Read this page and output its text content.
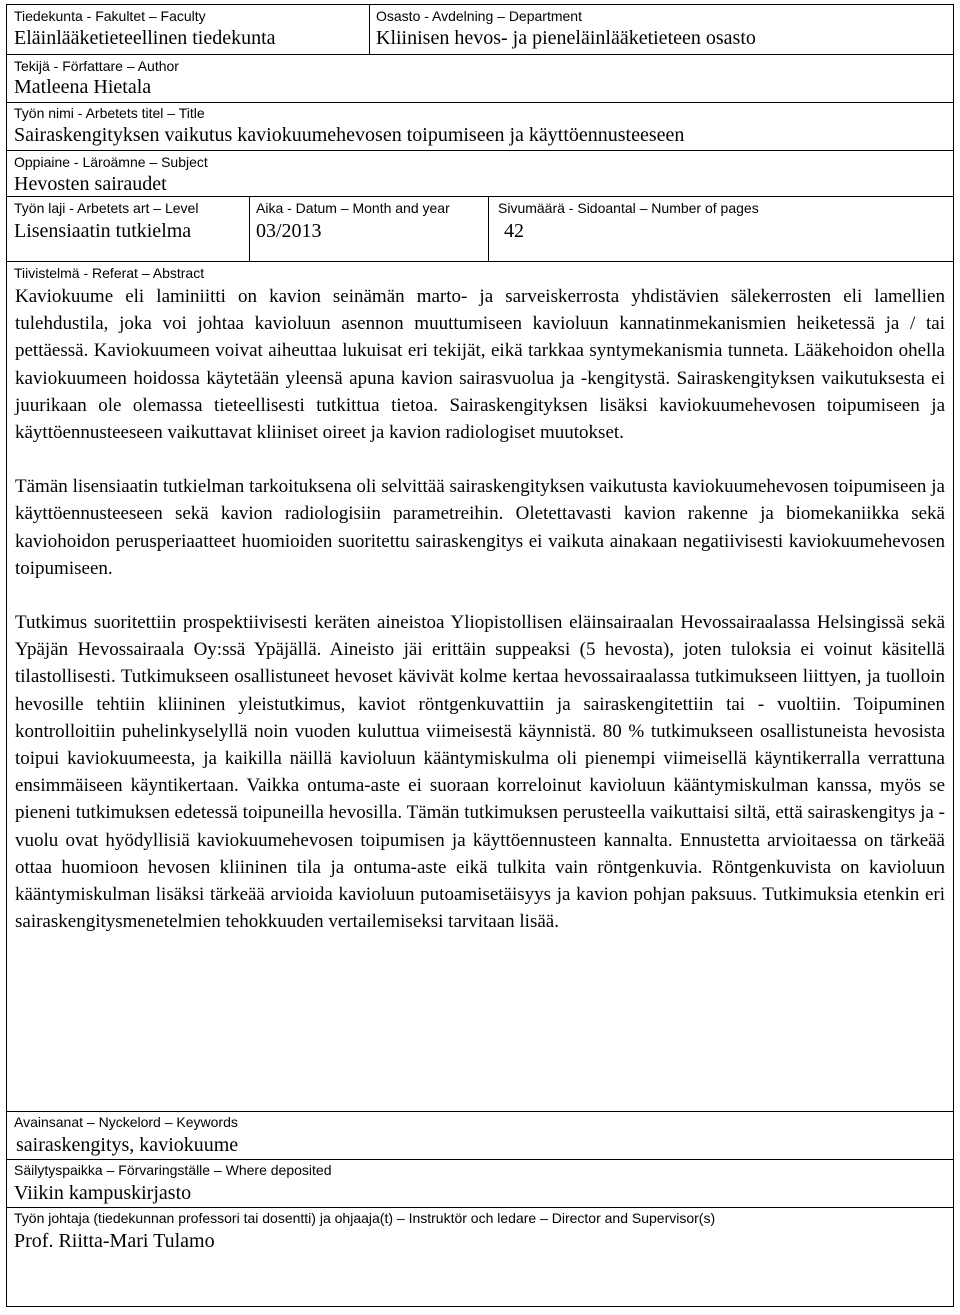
Tiedekunta - Fakultet – Faculty
Eläinlääketieteellinen tiedekunta
Osasto - Avdelning – Department
Kliinisen hevos- ja pieneläinlääketieteen osasto
Tekijä - Författare – Author
Matleena Hietala
Työn nimi - Arbetets titel – Title
Sairaskengityksen vaikutus kaviokuumehevosen toipumiseen ja käyttöennusteeseen
Oppiaine - Läroämne – Subject
Hevosten sairaudet
Työn laji - Arbetets art – Level
Lisensiaatin tutkielma
Aika - Datum – Month and year
03/2013
Sivumäärä - Sidoantal – Number of pages
42
Tiivistelmä - Referat – Abstract

Kaviokuume eli laminiitti on kavion seinämän marto- ja sarveiskerrosta yhdistävien sälekerrosten eli lamellien tulehdustila, joka voi johtaa kavioluun asennon muuttumiseen kavioluun kannatinmekanismien heiketessä ja / tai pettäessä. Kaviokuumeen voivat aiheuttaa lukuisat eri tekijät, eikä tarkkaa syntymekanismia tunneta. Lääkehoidon ohella kaviokuumeen hoidossa käytetään yleensä apuna kavion sairasvuolua ja -kengitystä. Sairaskengityksen vaikutuksesta ei juurikaan ole olemassa tieteellisesti tutkittua tietoa. Sairaskengityksen lisäksi kaviokuumehevosen toipumiseen ja käyttöennusteeseen vaikuttavat kliiniset oireet ja kavion radiologiset muutokset.

Tämän lisensiaatin tutkielman tarkoituksena oli selvittää sairaskengityksen vaikutusta kaviokuumehevosen toipumiseen ja käyttöennusteeseen sekä kavion radiologisiin parametreihin. Oletettavasti kavion rakenne ja biomekaniikka sekä kaviohoidon perusperiaatteet huomioiden suoritettu sairaskengitys ei vaikuta ainakaan negatiivisesti kaviokuumehevosen toipumiseen.

Tutkimus suoritettiin prospektiivisesti keräten aineistoa Yliopistollisen eläinsairaalan Hevossairaalassa Helsingissä sekä Ypäjän Hevossairaala Oy:ssä Ypäjällä. Aineisto jäi erittäin suppeaksi (5 hevosta), joten tuloksia ei voinut käsitellä tilastollisesti. Tutkimukseen osallistuneet hevoset kävivät kolme kertaa hevossairaalassa tutkimukseen liittyen, ja tuolloin hevosille tehtiin kliininen yleistutkimus, kaviot röntgenkuvattiin ja sairaskengitettiin tai - vuoltiin. Toipuminen kontrolloitiin puhelinkyselyllä noin vuoden kuluttua viimeisestä käynnistä. 80 % tutkimukseen osallistuneista hevosista toipui kaviokuumeesta, ja kaikilla näillä kavioluun kääntymiskulma oli pienempi viimeisellä käyntikerralla verrattuna ensimmäiseen käyntikertaan. Vaikka ontuma-aste ei suoraan korreloinut kavioluun kääntymiskulman kanssa, myös se pieneni tutkimuksen edetessä toipuneilla hevosilla. Tämän tutkimuksen perusteella vaikuttaisi siltä, että sairaskengitys ja -vuolu ovat hyödyllisiä kaviokuumehevosen toipumisen ja käyttöennusteen kannalta. Ennustetta arvioitaessa on tärkeää ottaa huomioon hevosen kliininen tila ja ontuma-aste eikä tulkita vain röntgenkuvia. Röntgenkuvista on kavioluun kääntymiskulman lisäksi tärkeää arvioida kavioluun putoamisetäisyys ja kavion pohjan paksuus. Tutkimuksia etenkin eri sairaskengitysmenetelmien tehokkuuden vertailemiseksi tarvitaan lisää.

Avainsanat – Nyckelord – Keywords
sairaskengitys, kaviokuume
Säilytyspaikka – Förvaringställe – Where deposited
Viikin kampuskirjasto
Työn johtaja (tiedekunnan professori tai dosentti) ja ohjaaja(t) – Instruktör och ledare – Director and Supervisor(s)
Prof. Riitta-Mari Tulamo
